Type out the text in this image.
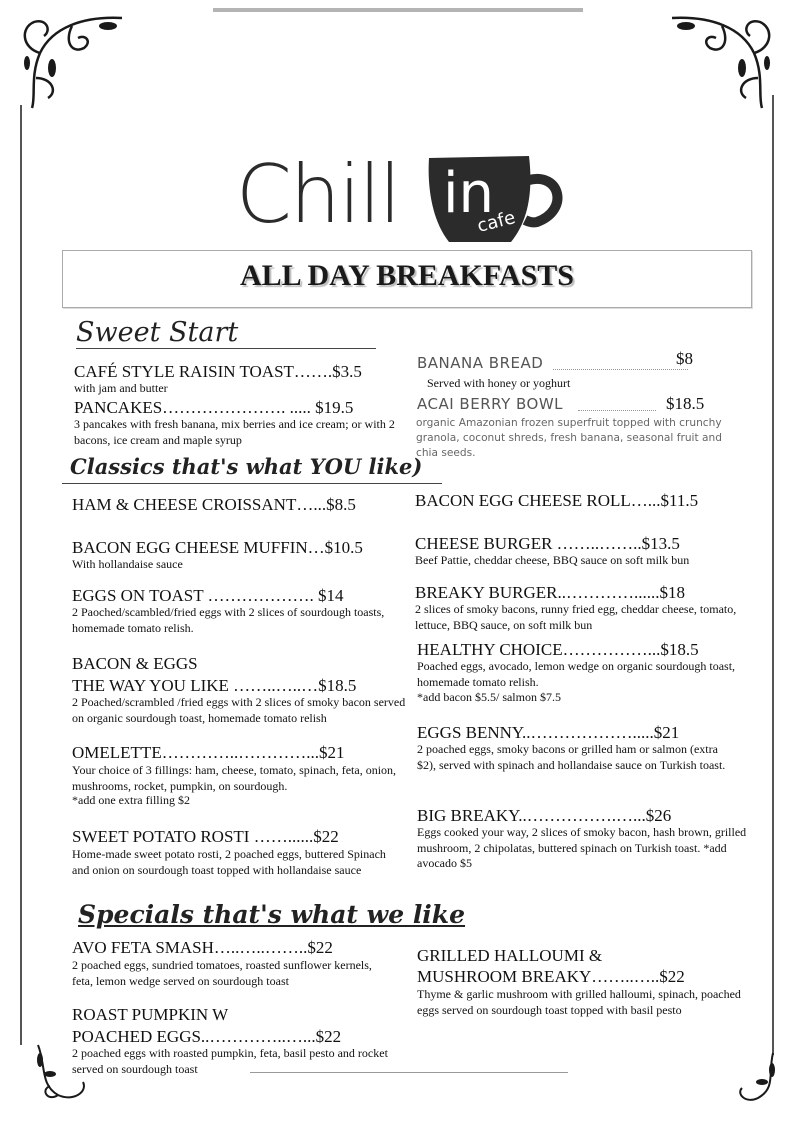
Chill in
cafe
ALL DAY BREAKFASTS
Sweet Start
CAFÉ STYLE RAISIN TOAST…….$3.5
with jam and butter
PANCAKES…………………. ..... $19.5
3 pancakes with fresh banana, mix berries and ice cream; or with 2 bacons, ice cream and maple syrup
BANANA BREAD	$8
Served with honey or yoghurt
ACAI BERRY BOWL	$18.5
organic Amazonian frozen superfruit topped with crunchy granola, coconut shreds, fresh banana, seasonal fruit and chia seeds.
Classics that's what YOU like)
HAM & CHEESE CROISSANT…...$8.5
BACON EGG CHEESE MUFFIN…$10.5
With hollandaise sauce
EGGS ON TOAST ………………. $14
2 Paoched/scambled/fried eggs with 2 slices of sourdough toasts, homemade tomato relish.
BACON & EGGS
THE WAY YOU LIKE ……..…..…$18.5
2 Poached/scrambled /fried eggs with 2 slices of smoky bacon served on organic sourdough toast, homemade tomato relish
OMELETTE…………..…………...$21
Your choice of 3 fillings: ham, cheese, tomato, spinach, feta, onion, mushrooms, rocket, pumpkin, on sourdough.
*add one extra filling $2
SWEET POTATO ROSTI ……......$22
Home-made sweet potato rosti, 2 poached eggs, buttered Spinach and onion on sourdough toast topped with hollandaise sauce
BACON EGG CHEESE ROLL…...$11.5
CHEESE BURGER ……..……..$13.5
Beef Pattie, cheddar cheese, BBQ sauce on soft milk bun
BREAKY BURGER..…………......$18
2 slices of smoky bacons, runny fried egg, cheddar cheese, tomato, lettuce, BBQ sauce, on soft milk bun
HEALTHY CHOICE……………...$18.5
Poached eggs, avocado, lemon wedge on organic sourdough toast, homemade tomato relish.
*add bacon $5.5/ salmon $7.5
EGGS BENNY..……………….....$21
2 poached eggs, smoky bacons or grilled ham or salmon (extra $2), served with spinach and hollandaise sauce on Turkish toast.
BIG BREAKY..…………….…...$26
Eggs cooked your way, 2 slices of smoky bacon, hash brown, grilled mushroom, 2 chipolatas, buttered spinach on Turkish toast. *add avocado $5
Specials that's what we like
AVO FETA SMASH…..…..……..$22
2 poached eggs, sundried tomatoes, roasted sunflower kernels, feta, lemon wedge served on sourdough toast
ROAST PUMPKIN W
POACHED EGGS..…………..…...$22
2 poached eggs with roasted pumpkin, feta, basil pesto and rocket served on sourdough toast
GRILLED HALLOUMI &
MUSHROOM BREAKY……..…..$22
Thyme & garlic mushroom with grilled halloumi, spinach, poached eggs served on sourdough toast topped with basil pesto
